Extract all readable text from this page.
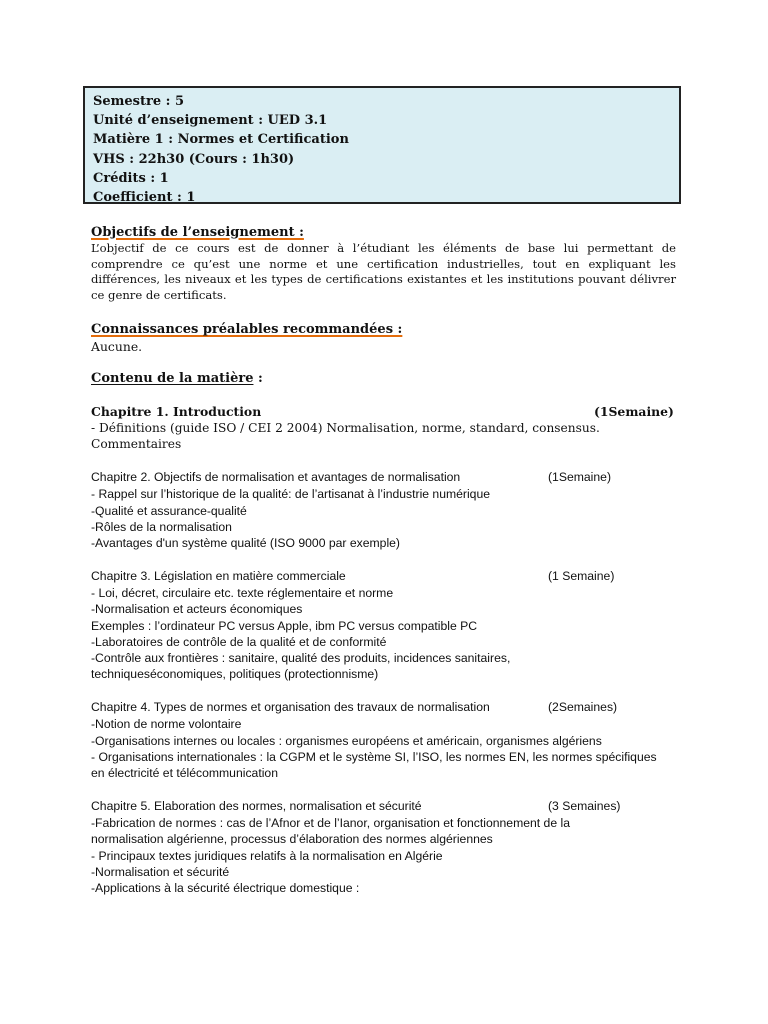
Semestre : 5
Unité d’enseignement : UED 3.1
Matière 1 : Normes et Certification
VHS : 22h30 (Cours : 1h30)
Crédits : 1
Coefficient : 1
Objectifs de l’enseignement :
L’objectif de ce cours est de donner à l’étudiant les éléments de base lui permettant de comprendre ce qu’est une norme et une certification industrielles, tout en expliquant les différences, les niveaux et les types de certifications existantes et les institutions pouvant délivrer ce genre de certificats.
Connaissances préalables recommandées :
Aucune.
Contenu de la matière :
Chapitre 1. Introduction	(1Semaine)
- Définitions (guide ISO / CEI 2 2004) Normalisation, norme, standard, consensus.
Commentaires
Chapitre 2. Objectifs de normalisation et avantages de normalisation	(1Semaine)
- Rappel sur l’historique de la qualité: de l’artisanat à l’industrie numérique
-Qualité et assurance-qualité
-Rôles de la normalisation
-Avantages d'un système qualité (ISO 9000 par exemple)
Chapitre 3. Législation en matière commerciale	(1 Semaine)
- Loi, décret, circulaire etc. texte réglementaire et norme
-Normalisation et acteurs économiques
Exemples : l’ordinateur PC versus Apple, ibm PC versus compatible PC
-Laboratoires de contrôle de la qualité et de conformité
-Contrôle aux frontières : sanitaire, qualité des produits, incidences sanitaires,
techniqueséconomiques, politiques (protectionnisme)
Chapitre 4. Types de normes et organisation des travaux de normalisation	(2Semaines)
-Notion de norme volontaire
-Organisations internes ou locales : organismes européens et américain, organismes algériens
- Organisations internationales : la CGPM et le système SI, l’ISO, les normes EN, les normes spécifiques
en électricité et télécommunication
Chapitre 5. Elaboration des normes, normalisation et sécurité	(3 Semaines)
-Fabrication de normes : cas de l’Afnor et de l’Ianor, organisation et fonctionnement de la
normalisation algérienne, processus d’élaboration des normes algériennes
- Principaux textes juridiques relatifs à la normalisation en Algérie
-Normalisation et sécurité
-Applications à la sécurité électrique domestique :
